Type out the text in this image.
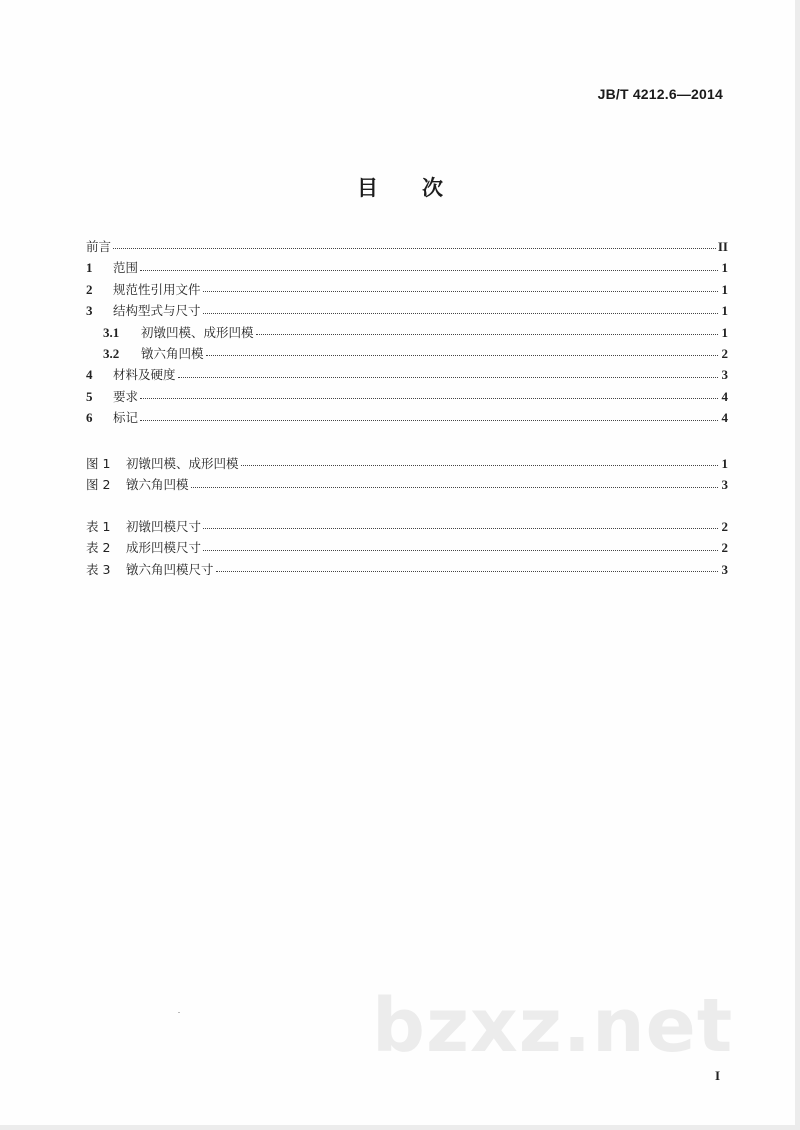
JB/T 4212.6—2014
目 次
前言	II
1	范围	1
2	规范性引用文件	1
3	结构型式与尺寸	1
3.1	初镦凹模、成形凹模	1
3.2	镦六角凹模	2
4	材料及硬度	3
5	要求	4
6	标记	4
图 1	初镦凹模、成形凹模	1
图 2	镦六角凹模	3
表 1	初镦凹模尺寸	2
表 2	成形凹模尺寸	2
表 3	镦六角凹模尺寸	3
bzxz.net
I
